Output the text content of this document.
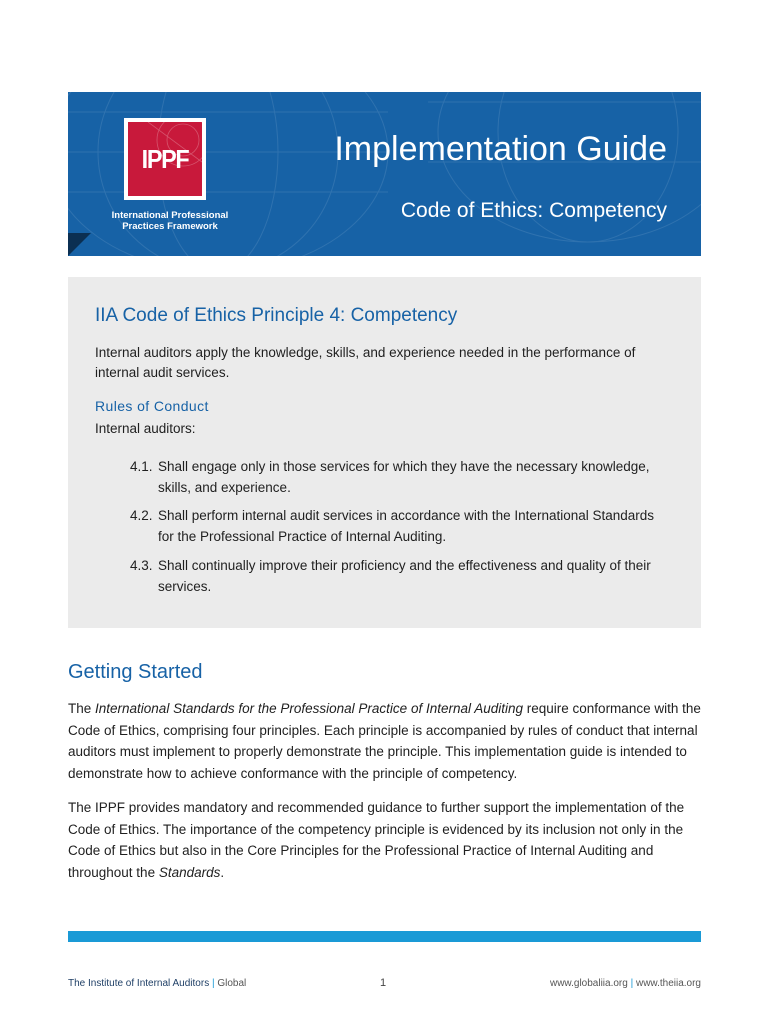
IPPF
International Professional
Practices Framework
Implementation Guide
Code of Ethics: Competency
IIA Code of Ethics Principle 4: Competency
Internal auditors apply the knowledge, skills, and experience needed in the performance of internal audit services.
Rules of Conduct
Internal auditors:
4.1. Shall engage only in those services for which they have the necessary knowledge, skills, and experience.
4.2. Shall perform internal audit services in accordance with the International Standards for the Professional Practice of Internal Auditing.
4.3. Shall continually improve their proficiency and the effectiveness and quality of their services.
Getting Started
The International Standards for the Professional Practice of Internal Auditing require conformance with the Code of Ethics, comprising four principles. Each principle is accompanied by rules of conduct that internal auditors must implement to properly demonstrate the principle. This implementation guide is intended to demonstrate how to achieve conformance with the principle of competency.
The IPPF provides mandatory and recommended guidance to further support the implementation of the Code of Ethics. The importance of the competency principle is evidenced by its inclusion not only in the Code of Ethics but also in the Core Principles for the Professional Practice of Internal Auditing and throughout the Standards.
The Institute of Internal Auditors | Global	1	www.globaliia.org | www.theiia.org
